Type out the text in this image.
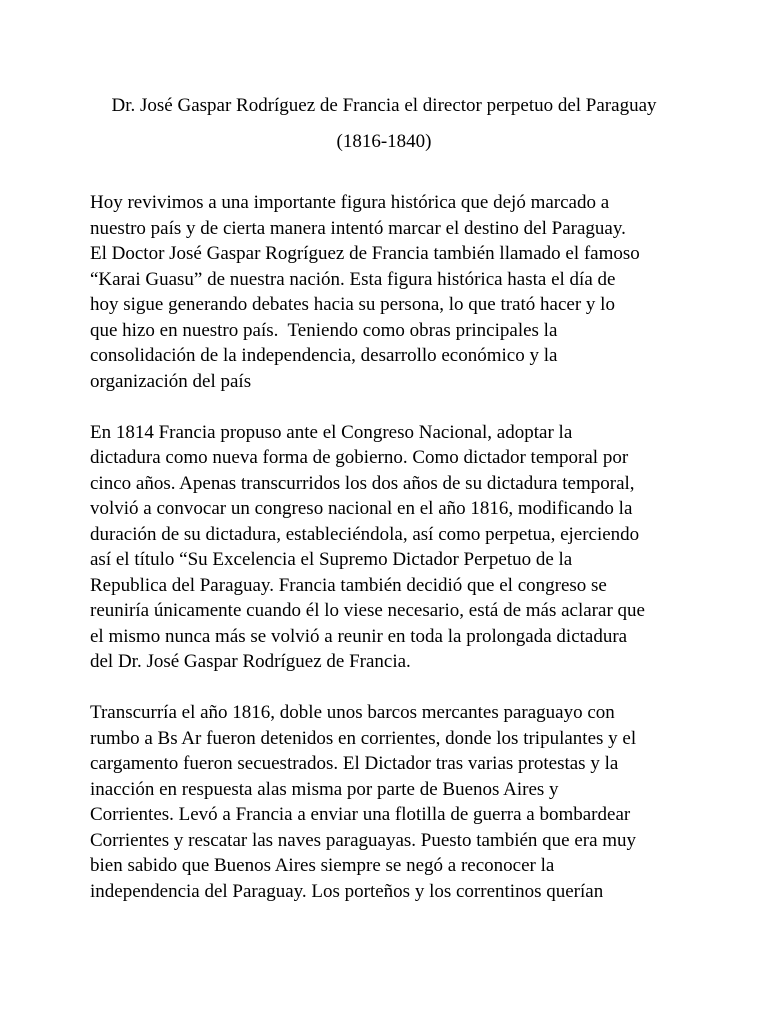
Dr. José Gaspar Rodríguez de Francia el director perpetuo del Paraguay
(1816-1840)
Hoy revivimos a una importante figura histórica que dejó marcado a
nuestro país y de cierta manera intentó marcar el destino del Paraguay.
El Doctor José Gaspar Rogríguez de Francia también llamado el famoso
“Karai Guasu” de nuestra nación. Esta figura histórica hasta el día de
hoy sigue generando debates hacia su persona, lo que trató hacer y lo
que hizo en nuestro país.  Teniendo como obras principales la
consolidación de la independencia, desarrollo económico y la
organización del país
En 1814 Francia propuso ante el Congreso Nacional, adoptar la
dictadura como nueva forma de gobierno. Como dictador temporal por
cinco años. Apenas transcurridos los dos años de su dictadura temporal,
volvió a convocar un congreso nacional en el año 1816, modificando la
duración de su dictadura, estableciéndola, así como perpetua, ejerciendo
así el título “Su Excelencia el Supremo Dictador Perpetuo de la
Republica del Paraguay. Francia también decidió que el congreso se
reuniría únicamente cuando él lo viese necesario, está de más aclarar que
el mismo nunca más se volvió a reunir en toda la prolongada dictadura
del Dr. José Gaspar Rodríguez de Francia.
Transcurría el año 1816, doble unos barcos mercantes paraguayo con
rumbo a Bs Ar fueron detenidos en corrientes, donde los tripulantes y el
cargamento fueron secuestrados. El Dictador tras varias protestas y la
inacción en respuesta alas misma por parte de Buenos Aires y
Corrientes. Levó a Francia a enviar una flotilla de guerra a bombardear
Corrientes y rescatar las naves paraguayas. Puesto también que era muy
bien sabido que Buenos Aires siempre se negó a reconocer la
independencia del Paraguay. Los porteños y los correntinos querían
